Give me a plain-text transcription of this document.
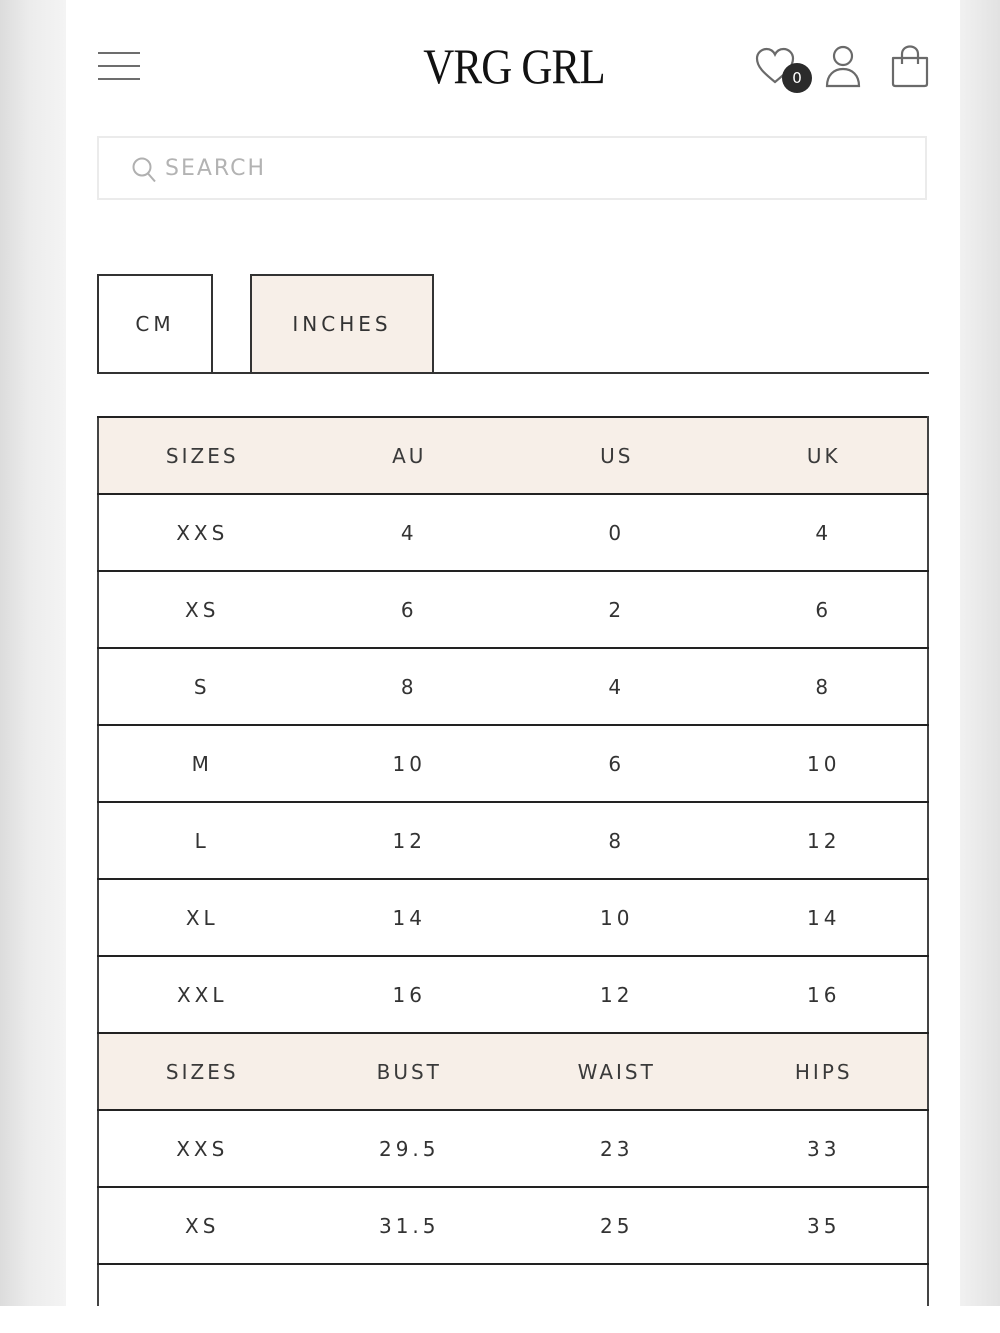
VRG GRL	0
SEARCH
CM	INCHES
SIZES	AU	US	UK
XXS	4	0	4
XS	6	2	6
S	8	4	8
M	10	6	10
L	12	8	12
XL	14	10	14
XXL	16	12	16
SIZES	BUST	WAIST	HIPS
XXS	29.5	23	33
XS	31.5	25	35
